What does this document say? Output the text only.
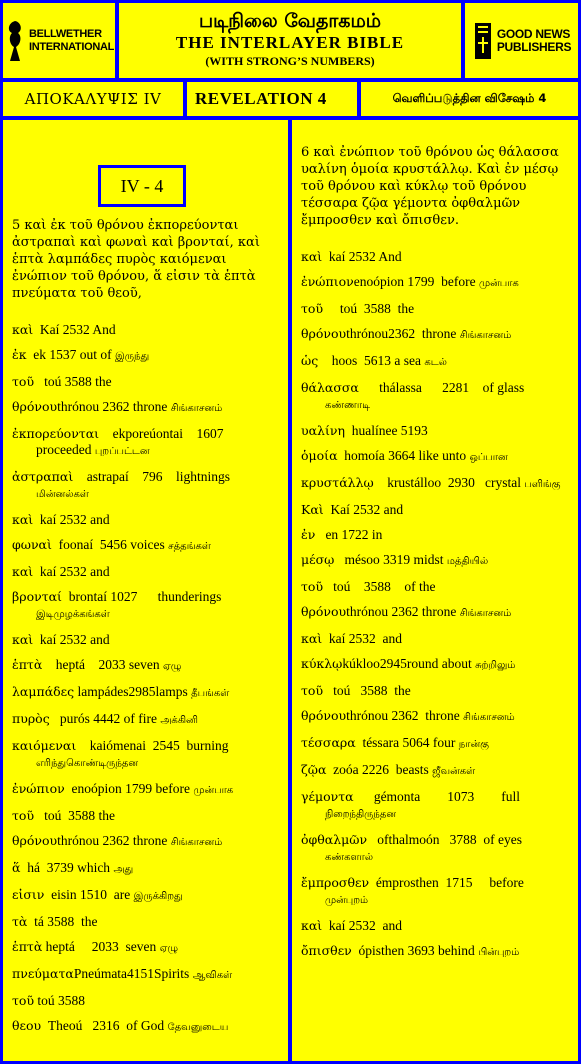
BELLWETHER
INTERNATIONAL
படிநிலை வேதாகமம்
THE INTERLAYER BIBLE
(WITH STRONG’S NUMBERS)
GOOD NEWS
PUBLISHERS
ΑΠΟΚΑΛΥΨΙΣ IV REVELATION 4	வெளிப்படுத்தின விசேஷம் 4
IV - 4

5 καὶ ἐκ τοῦ θρόνου ἐκπορεύονται ἀστραπαὶ καὶ φωναὶ καὶ βρονταί, καὶ ἑπτὰ λαμπάδες πυρὸς καιόμεναι ἐνώπιον τοῦ θρόνου, ἅ εἰσιν τὰ ἑπτὰ πνεύματα τοῦ θεοῦ,

καὶ  Kaí 2532 And
ἐκ  ek 1537 out of இருந்து
τοῦ   toú 3588 the
θρόνουthrónou 2362 throne சிங்காசனம்
ἐκπορεύονται    ekporeúontai    1607 proceeded புறப்பட்டன
ἀστραπαὶ    astrapaí    796    lightnings மின்னல்கள்
καὶ  kaí 2532 and
φωναὶ  foonaí  5456 voices சத்தங்கள்
καὶ  kaí 2532 and
βρονταί  brontaí 1027      thunderings இடிமுழக்கங்கள்
καὶ  kaí 2532 and
ἑπτὰ    heptá    2033 seven ஏழு
λαμπάδες lampádes2985lamps தீபங்கள்
πυρὸς   purós 4442 of fire அக்கினி
καιόμεναι    kaiómenai  2545  burning எரிந்துகொண்டிருந்தன
ἐνώπιον  enoópion 1799 before முன்பாக
τοῦ   toú  3588 the
θρόνουthrónou 2362 throne சிங்காசனம்
ἅ  há  3739 which அது
εἰσιν  eisin 1510  are இருக்கிறது
τὰ  tá 3588  the
ἑπτὰ heptá     2033  seven ஏழு
πνεύματαPneúmata4151Spirits ஆவிகள்
τοῦ toú 3588
θεου  Theoú   2316  of God தேவனுடைய

6 καὶ ἐνώπιον τοῦ θρόνου ὡς θάλασσα υαλίνη ὁμοία κρυστάλλῳ. Καὶ ἐν μέσῳ τοῦ θρόνου καὶ κύκλῳ τοῦ θρόνου τέσσαρα ζῷα γέμοντα ὀφθαλμῶν ἔμπροσθεν καὶ ὄπισθεν.

καὶ  kaí 2532 And
ἐνώπιονenoópion 1799  before முன்பாக
τοῦ     toú  3588  the
θρόνουthrónou2362  throne சிங்காசனம்
ὡς    hoos  5613 a sea கடல்
θάλασσα      thálassa      2281    of glass கண்ணாடி
υαλίνη  hualínee 5193
ὁμοία  homoía 3664 like unto ஒப்பான
κρυστάλλῳ    krustálloo  2930   crystal பளிங்கு
Καὶ  Kaí 2532 and
ἐν   en 1722 in
μέσῳ   mésoo 3319 midst மத்தியில்
τοῦ   toú    3588    of the
θρόνουthrónou 2362 throne சிங்காசனம்
καὶ  kaí 2532  and
κύκλῳkúkloo2945round about சுற்றிலும்
τοῦ   toú   3588  the
θρόνουthrónou 2362  throne சிங்காசனம்
τέσσαρα  téssara 5064 four நான்கு
ζῷα  zoóa 2226  beasts ஜீவன்கள்
γέμοντα      gémonta        1073        full நிறைந்திருந்தன
ὀφθαλμῶν   ofthalmoón   3788  of eyes கண்களால்
ἔμπροσθεν  émprosthen  1715     before முன்புறம்
καὶ  kaí 2532  and
ὄπισθεν  ópisthen 3693 behind பின்புறம்
